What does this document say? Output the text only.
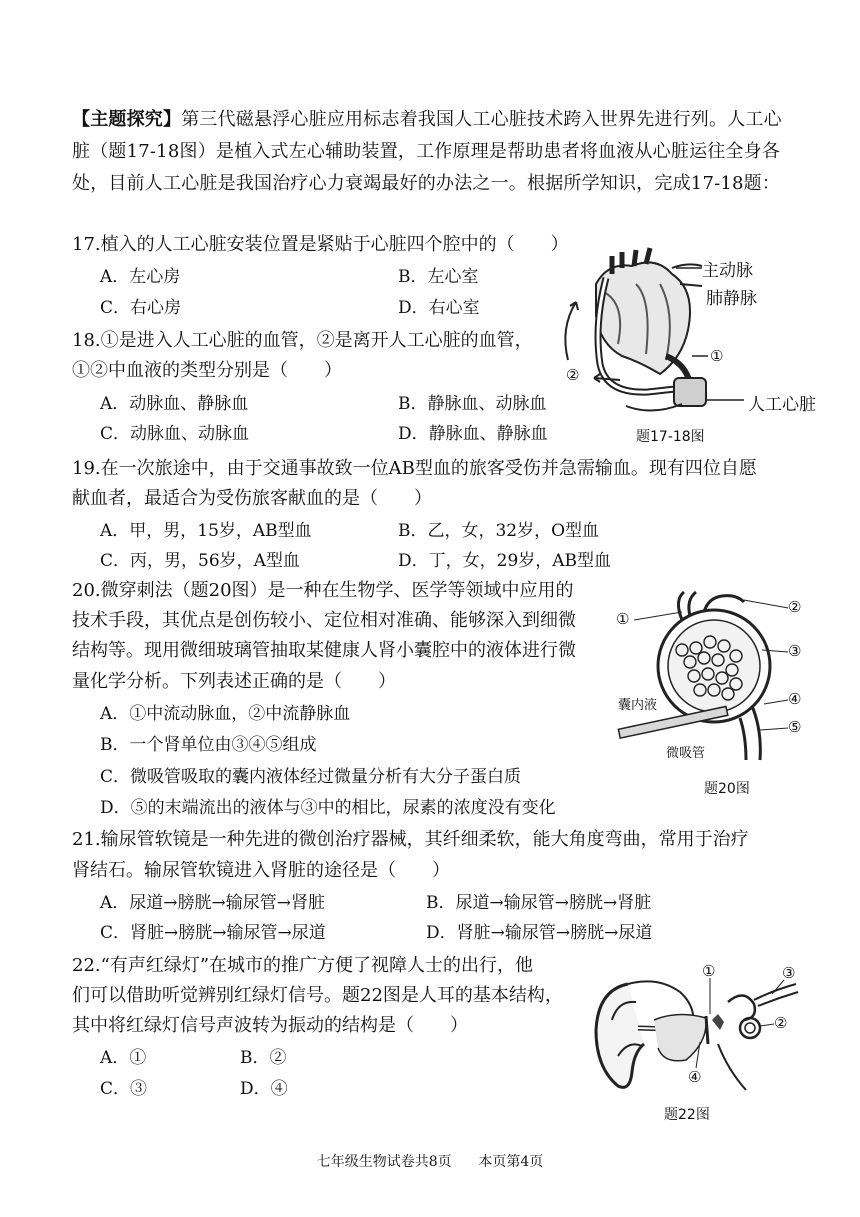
【主题探究】第三代磁悬浮心脏应用标志着我国人工心脏技术跨入世界先进行列。人工心脏（题17-18图）是植入式左心辅助装置，工作原理是帮助患者将血液从心脏运往全身各处，目前人工心脏是我国治疗心力衰竭最好的办法之一。根据所学知识，完成17-18题：
17.植入的人工心脏安装位置是紧贴于心脏四个腔中的（　　）
A．左心房	B．左心室
C．右心房	D．右心室
18.①是进入人工心脏的血管，②是离开人工心脏的血管，
①②中血液的类型分别是（　　）
A．动脉血、静脉血	B．静脉血、动脉血
C．动脉血、动脉血	D．静脉血、静脉血
主动脉
肺静脉
人工心脏
①
②
题17-18图
19.在一次旅途中，由于交通事故致一位AB型血的旅客受伤并急需输血。现有四位自愿
献血者，最适合为受伤旅客献血的是（　　）
A．甲，男，15岁，AB型血	B．乙，女，32岁，O型血
C．丙，男，56岁，A型血	D．丁，女，29岁，AB型血
20.微穿刺法（题20图）是一种在生物学、医学等领域中应用的
技术手段，其优点是创伤较小、定位相对准确、能够深入到细微
结构等。现用微细玻璃管抽取某健康人肾小囊腔中的液体进行微
量化学分析。下列表述正确的是（　　）
A．①中流动脉血，②中流静脉血
B．一个肾单位由③④⑤组成
C．微吸管吸取的囊内液体经过微量分析有大分子蛋白质
D．⑤的末端流出的液体与③中的相比，尿素的浓度没有变化
①
②
③
④
⑤
囊内液
微吸管
题20图
21.输尿管软镜是一种先进的微创治疗器械，其纤细柔软，能大角度弯曲，常用于治疗
肾结石。输尿管软镜进入肾脏的途径是（　　）
A．尿道→膀胱→输尿管→肾脏	B．尿道→输尿管→膀胱→肾脏
C．肾脏→膀胱→输尿管→尿道	D．肾脏→输尿管→膀胱→尿道
22.“有声红绿灯”在城市的推广方便了视障人士的出行，他
们可以借助听觉辨别红绿灯信号。题22图是人耳的基本结构，
其中将红绿灯信号声波转为振动的结构是（　　）
A．①	B．②
C．③	D．④
①
②
③
④
题22图
七年级生物试卷共8页 本页第4页
